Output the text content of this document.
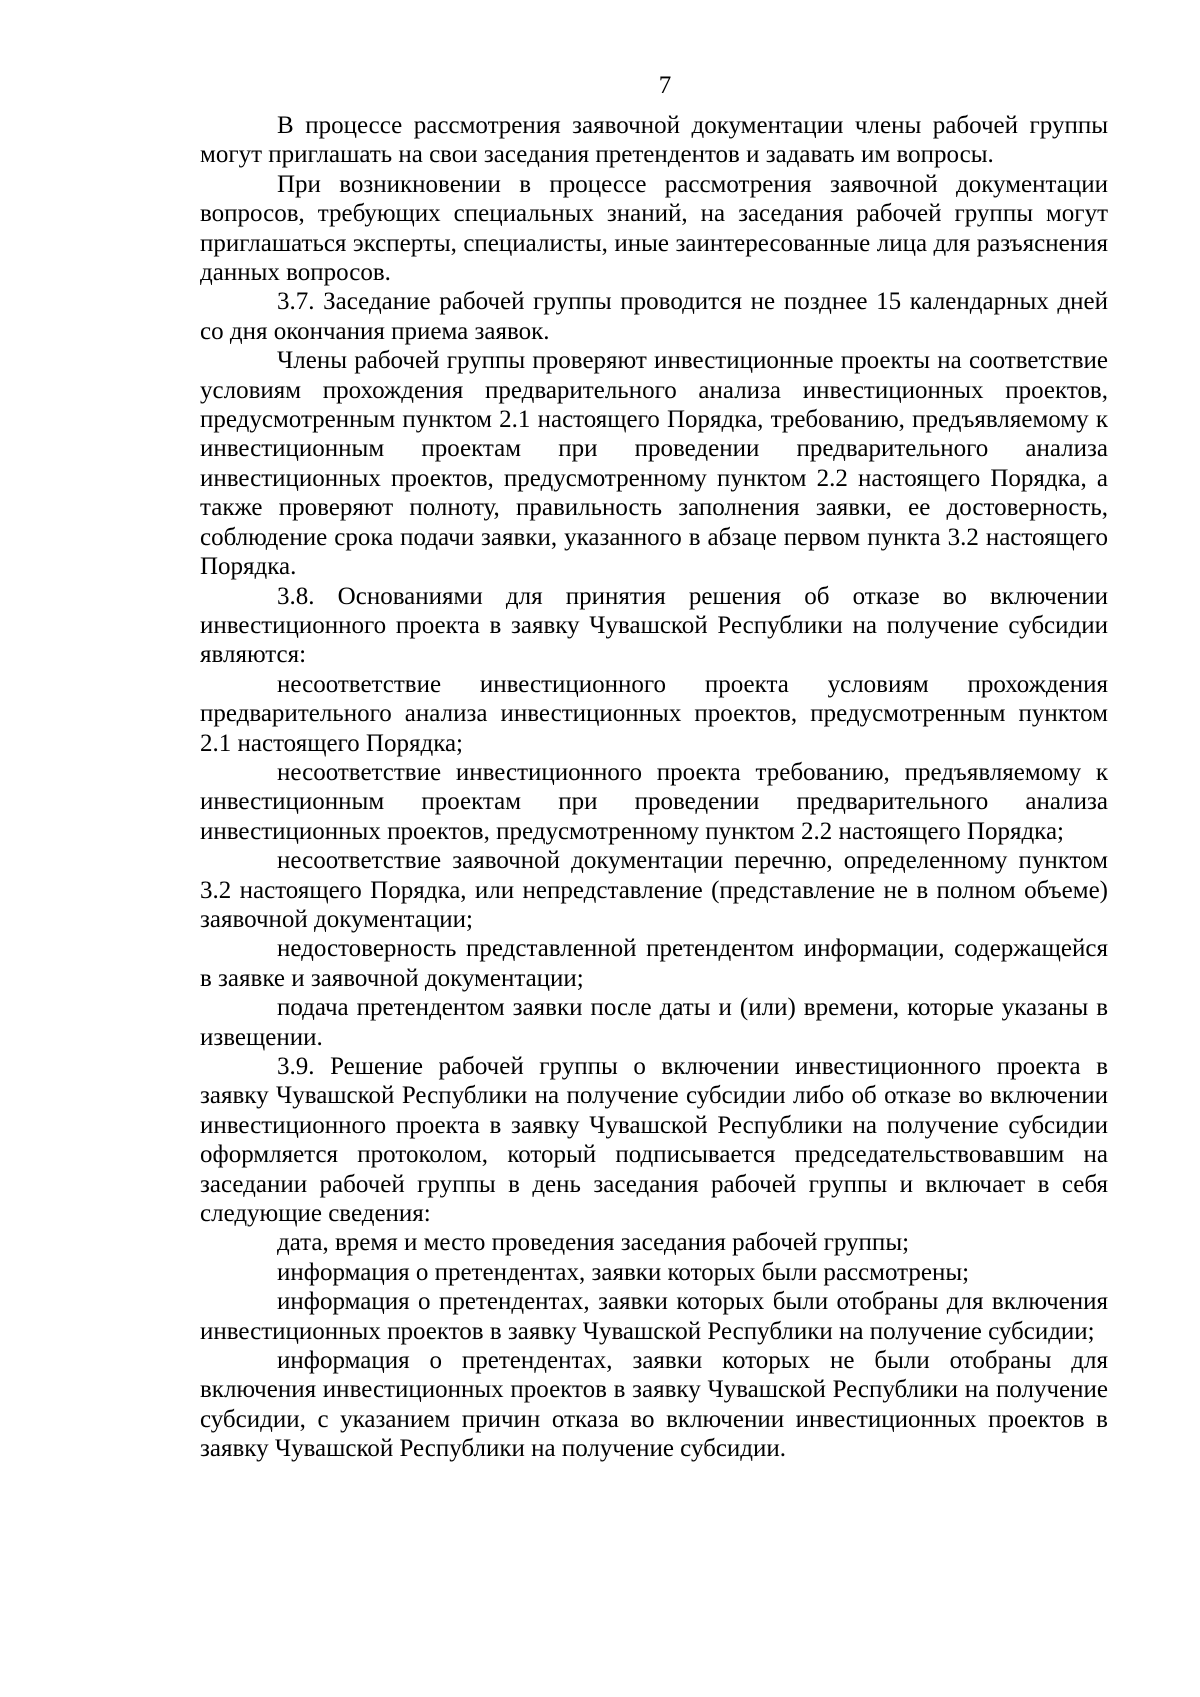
7

В процессе рассмотрения заявочной документации члены рабочей группы могут приглашать на свои заседания претендентов и задавать им вопросы.

При возникновении в процессе рассмотрения заявочной документации вопросов, требующих специальных знаний, на заседания рабочей группы могут приглашаться эксперты, специалисты, иные заинтересованные лица для разъяснения данных вопросов.

3.7. Заседание рабочей группы проводится не позднее 15 календарных дней со дня окончания приема заявок.

Члены рабочей группы проверяют инвестиционные проекты на соответствие условиям прохождения предварительного анализа инвестиционных проектов, предусмотренным пунктом 2.1 настоящего Порядка, требованию, предъявляемому к инвестиционным проектам при проведении предварительного анализа инвестиционных проектов, предусмотренному пунктом 2.2 настоящего Порядка, а также проверяют полноту, правильность заполнения заявки, ее достоверность, соблюдение срока подачи заявки, указанного в абзаце первом пункта 3.2 настоящего Порядка.

3.8. Основаниями для принятия решения об отказе во включении инвестиционного проекта в заявку Чувашской Республики на получение субсидии являются:

несоответствие инвестиционного проекта условиям прохождения предварительного анализа инвестиционных проектов, предусмотренным пунктом 2.1 настоящего Порядка;

несоответствие инвестиционного проекта требованию, предъявляемому к инвестиционным проектам при проведении предварительного анализа инвестиционных проектов, предусмотренному пунктом 2.2 настоящего Порядка;

несоответствие заявочной документации перечню, определенному пунктом 3.2 настоящего Порядка, или непредставление (представление не в полном объеме) заявочной документации;

недостоверность представленной претендентом информации, содержащейся в заявке и заявочной документации;

подача претендентом заявки после даты и (или) времени, которые указаны в извещении.

3.9. Решение рабочей группы о включении инвестиционного проекта в заявку Чувашской Республики на получение субсидии либо об отказе во включении инвестиционного проекта в заявку Чувашской Республики на получение субсидии оформляется протоколом, который подписывается председательствовавшим на заседании рабочей группы в день заседания рабочей группы и включает в себя следующие сведения:

дата, время и место проведения заседания рабочей группы;

информация о претендентах, заявки которых были рассмотрены;

информация о претендентах, заявки которых были отобраны для включения инвестиционных проектов в заявку Чувашской Республики на получение субсидии;

информация о претендентах, заявки которых не были отобраны для включения инвестиционных проектов в заявку Чувашской Республики на получение субсидии, с указанием причин отказа во включении инвестиционных проектов в заявку Чувашской Республики на получение субсидии.
